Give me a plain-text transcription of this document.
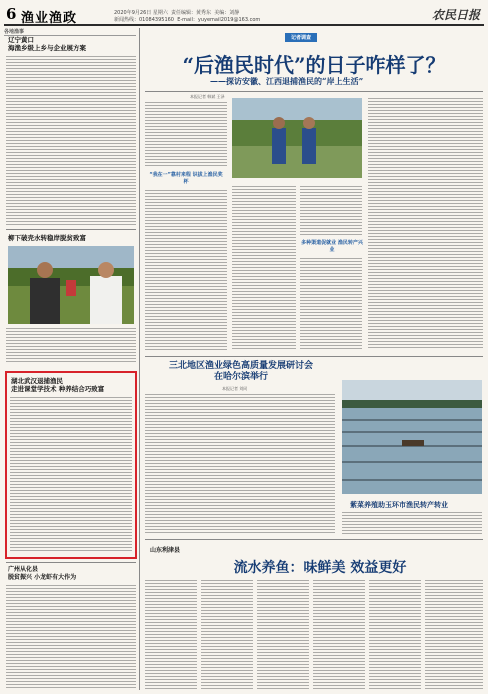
6 渔业渔政	2020年9月26日 星期六 责任编辑：黄秀东 美编：刘静
新闻热线：01084395160 E-mail：yuyemail2019@163.com	农民日报
各地渔事
辽宁黄口
海渔乡级上乡与企业展方案
柳下破壳水转稳岸脱贫致富
湖北武汉退捕渔民
走进课堂学技术 种养结合巧致富
广州从化县
脱贫振兴 小龙虾有大作为
记者调查
“后渔民时代”的日子咋样了？
——探访安徽、江西退捕渔民的“岸上生活”
本报记者 韩斌 王泽
“我在一”靠村来程 识拔上渔民奖杯
多种渠道促就业 渔民转产兴业
三北地区渔业绿色高质量发展研讨会
在哈尔滨举行
本报记者 刘同
紫菜养殖助玉环市渔民转产转业
山东利津县
流水养鱼：味鲜美 效益更好
